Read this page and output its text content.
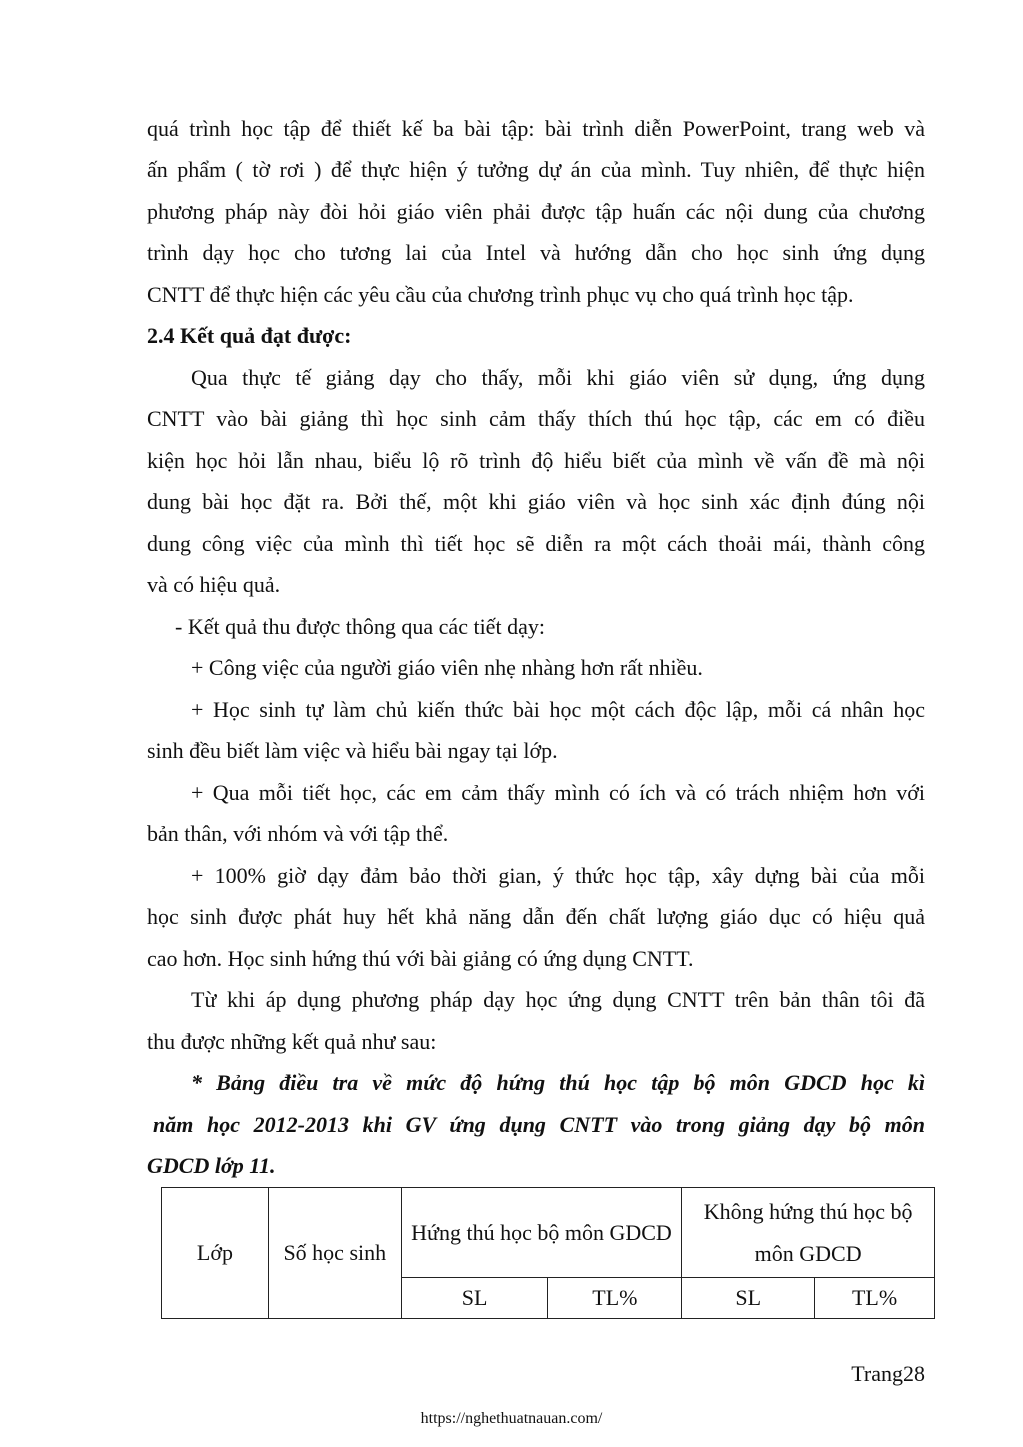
quá trình học tập để thiết kế ba bài tập: bài trình diễn PowerPoint, trang web và
ấn phẩm ( tờ rơi ) để thực hiện ý tưởng dự án của mình. Tuy nhiên, để thực hiện
phương pháp này đòi hỏi giáo viên phải được tập huấn các nội dung của chương
trình dạy học cho tương lai của Intel và hướng dẫn cho học sinh ứng dụng
CNTT để thực hiện các yêu cầu của chương trình phục vụ cho quá trình học tập.
2.4 Kết quả đạt được:
Qua thực tế giảng dạy cho thấy, mỗi khi giáo viên sử dụng, ứng dụng
CNTT vào bài giảng thì học sinh cảm thấy thích thú học tập, các em có điều
kiện học hỏi lẫn nhau, biểu lộ rõ trình độ hiểu biết của mình về vấn đề mà nội
dung bài học đặt ra. Bởi thế, một khi giáo viên và học sinh xác định đúng nội
dung công việc của mình thì tiết học sẽ diễn ra một cách thoải mái, thành công
và có hiệu quả.
- Kết quả thu được thông qua các tiết dạy:
+ Công việc của người giáo viên nhẹ nhàng hơn rất nhiều.
+ Học sinh tự làm chủ kiến thức bài học một cách độc lập, mỗi cá nhân học
sinh đều biết làm việc và hiểu bài ngay tại lớp.
+ Qua mỗi tiết học, các em cảm thấy mình có ích và có trách nhiệm hơn với
bản thân, với nhóm và với tập thể.
+ 100% giờ dạy đảm bảo thời gian, ý thức học tập, xây dựng bài của mỗi
học sinh được phát huy hết khả năng dẫn đến chất lượng giáo dục có hiệu quả
cao hơn. Học sinh hứng thú với bài giảng có ứng dụng CNTT.
Từ khi áp dụng phương pháp dạy học ứng dụng CNTT trên bản thân tôi đã
thu được những kết quả như sau:
* Bảng điều tra về mức độ hứng thú học tập bộ môn GDCD học kì
năm học 2012-2013 khi GV ứng dụng CNTT vào trong giảng dạy bộ môn
GDCD lớp 11.
Lớp	Số học sinh	Hứng thú học bộ môn GDCD		Không hứng thú học bộ môn GDCD	
		SL	TL%	SL	TL%
Trang28
https://nghethuatnauan.com/
